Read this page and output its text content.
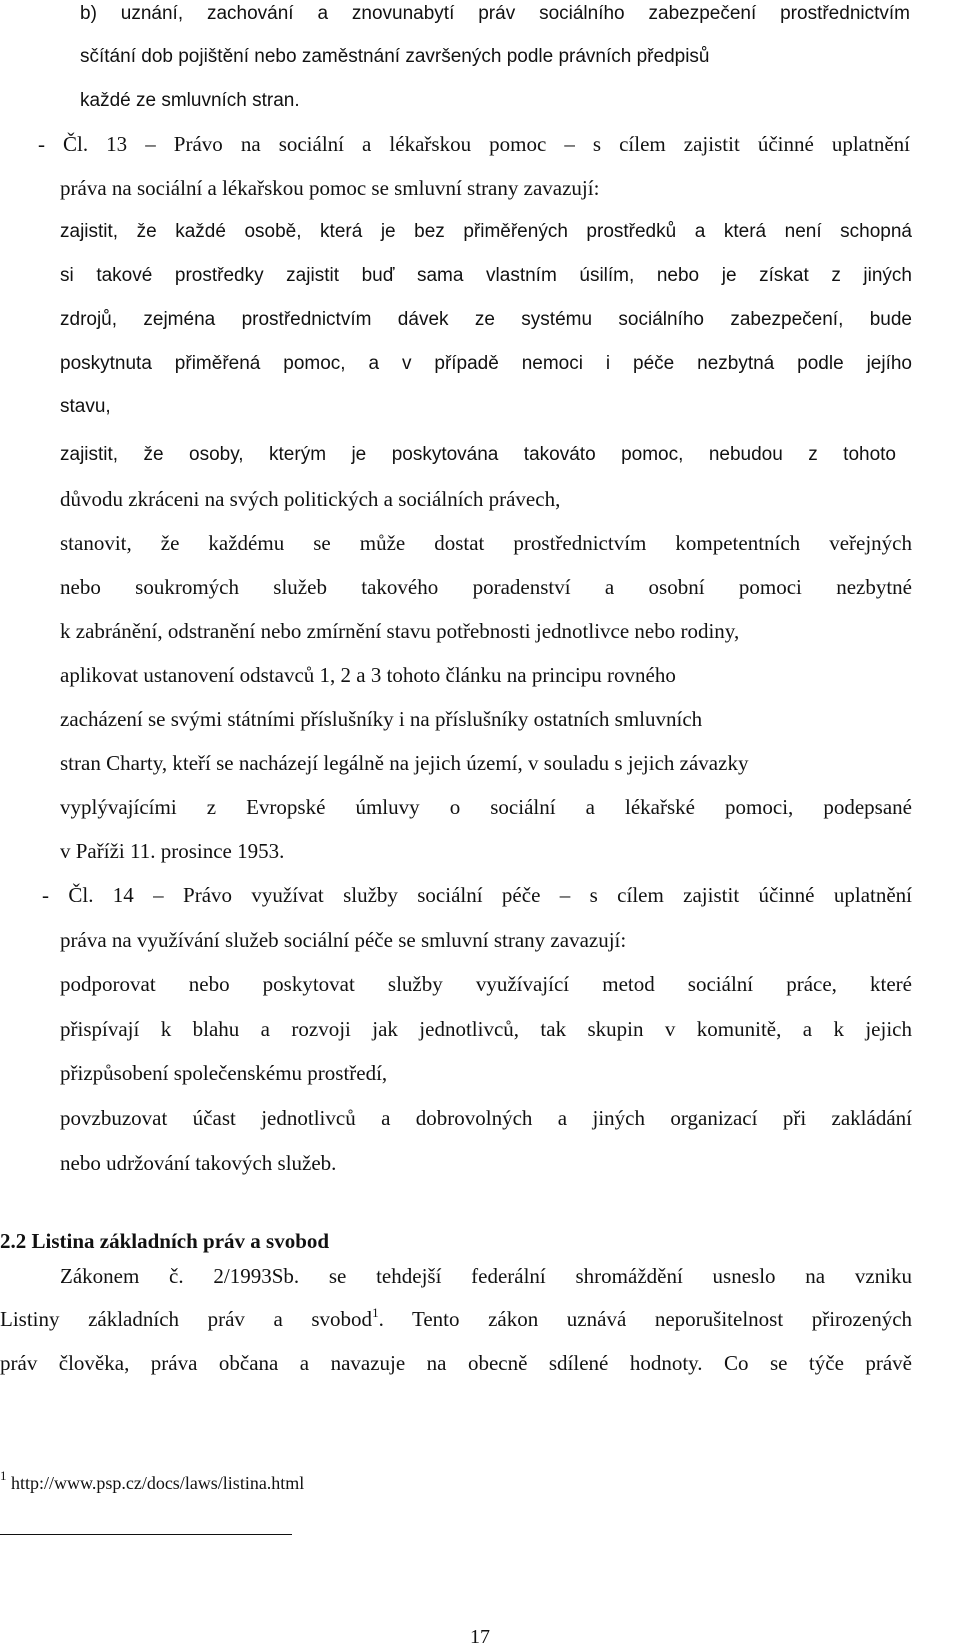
b) uznání, zachování a znovunabytí práv sociálního zabezpečení prostřednictvím
sčítání dob pojištění nebo zaměstnání završených podle právních předpisů
každé ze smluvních stran.
- Čl. 13 – Právo na sociální a lékařskou pomoc – s cílem zajistit účinné uplatnění
práva na sociální a lékařskou pomoc se smluvní strany zavazují:
zajistit, že každé osobě, která je bez přiměřených prostředků a která není schopná
si takové prostředky zajistit buď sama vlastním úsilím, nebo je získat z jiných
zdrojů, zejména prostřednictvím dávek ze systému sociálního zabezpečení, bude
poskytnuta přiměřená pomoc, a v případě nemoci i péče nezbytná podle jejího
stavu,
zajistit, že osoby, kterým je poskytována takováto pomoc, nebudou z tohoto
důvodu zkráceni na svých politických a sociálních právech,
stanovit, že každému se může dostat prostřednictvím kompetentních veřejných
nebo soukromých služeb takového poradenství a osobní pomoci nezbytné
k zabránění, odstranění nebo zmírnění stavu potřebnosti jednotlivce nebo rodiny,
aplikovat ustanovení odstavců 1, 2 a 3 tohoto článku na principu rovného
zacházení se svými státními příslušníky i na příslušníky ostatních smluvních
stran Charty, kteří se nacházejí legálně na jejich území, v souladu s jejich závazky
vyplývajícími z Evropské úmluvy o sociální a lékařské pomoci, podepsané
v Paříži 11. prosince 1953.
- Čl. 14 – Právo využívat služby sociální péče – s cílem zajistit účinné uplatnění
práva na využívání služeb sociální péče se smluvní strany zavazují:
podporovat nebo poskytovat služby využívající metod sociální práce, které
přispívají k blahu a rozvoji jak jednotlivců, tak skupin v komunitě, a k jejich
přizpůsobení společenskému prostředí,
povzbuzovat účast jednotlivců a dobrovolných a jiných organizací při zakládání
nebo udržování takových služeb.
2.2 Listina základních práv a svobod
Zákonem č. 2/1993Sb. se tehdejší federální shromáždění usneslo na vzniku
Listiny základních práv a svobod$^1$. Tento zákon uznává neporušitelnost přirozených
práv člověka, práva občana a navazuje na obecně sdílené hodnoty. Co se týče právě
$^1$ http://www.psp.cz/docs/laws/listina.html
17
